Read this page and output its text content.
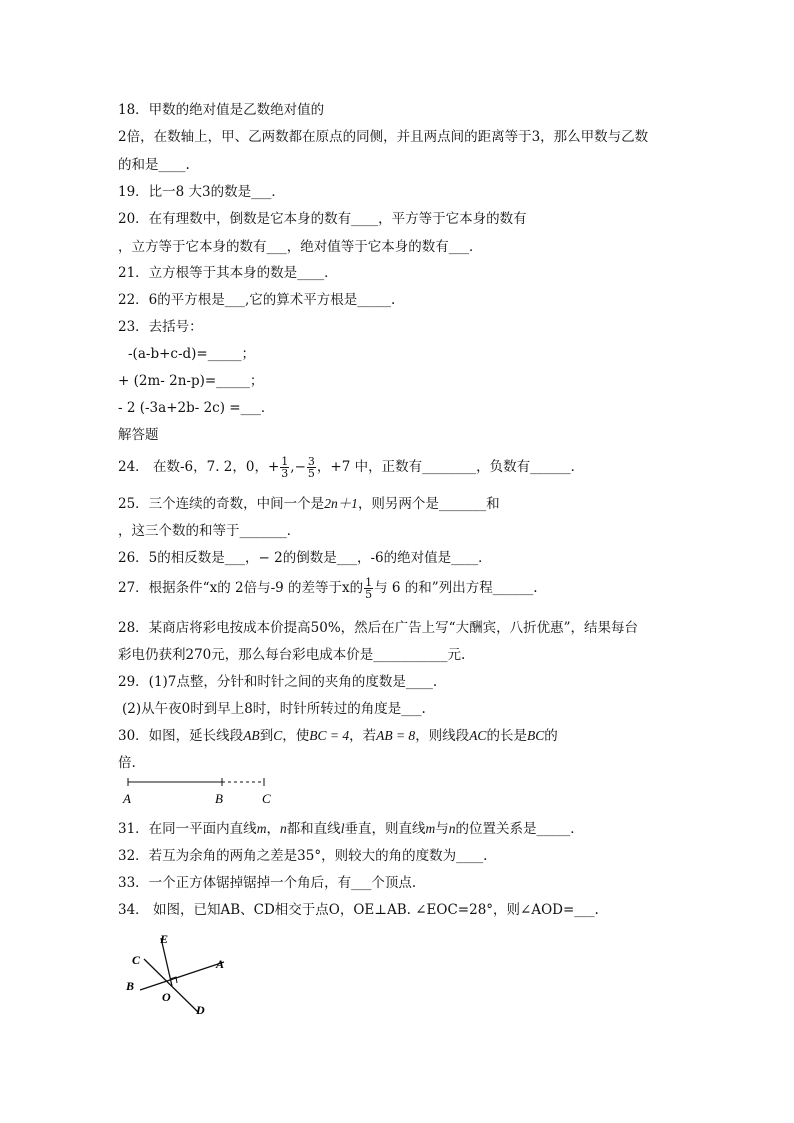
18．甲数的绝对值是乙数绝对值的
2倍，在数轴上，甲、乙两数都在原点的同侧，并且两点间的距离等于3，那么甲数与乙数
的和是____.
19．比一8 大3的数是___．
20．在有理数中，倒数是它本身的数有____，平方等于它本身的数有
，立方等于它本身的数有___，绝对值等于它本身的数有___．
21．立方根等于其本身的数是____．
22．6的平方根是___,它的算术平方根是_____.
23．去括号：
-(a-b+c-d)=_____；
+ (2m- 2n-p)=_____；
- 2 (-3a+2b- 2c) =___．
解答题
24． 在数-6，7. 2，0，+ $\frac{1}{3}$ ,− $\frac{3}{5}$ ，+7 中，正数有________，负数有______．
25．三个连续的奇数，中间一个是2n＋1，则另两个是_______和
，这三个数的和等于_______．
26．5的相反数是___，− 2的倒数是___，-6的绝对值是____．
27．根据条件“x的 2倍与-9 的差等于x的 $\frac{1}{5}$ 与 6 的和”列出方程______.
28．某商店将彩电按成本价提高50%，然后在广告上写“大酬宾，八折优惠”，结果每台
彩电仍获利270元，那么每台彩电成本价是___________元.
29．(1)7点整，分针和时针之间的夹角的度数是____.
(2)从午夜0时到早上8时，时针所转过的角度是___.
30．如图，延长线段AB到C，使BC = 4，若AB = 8，则线段AC的长是BC的
倍.
A	B	C
31．在同一平面内直线m，n都和直线l垂直，则直线m与n的位置关系是_____．
32．若互为余角的两角之差是35°，则较大的角的度数为____.
33．一个正方体锯掉锯掉一个角后，有___个顶点.
34． 如图，已知AB、CD相交于点O，OE⊥AB. ∠EOC=28°，则∠AOD=___.
E
C	A
B
O
D
